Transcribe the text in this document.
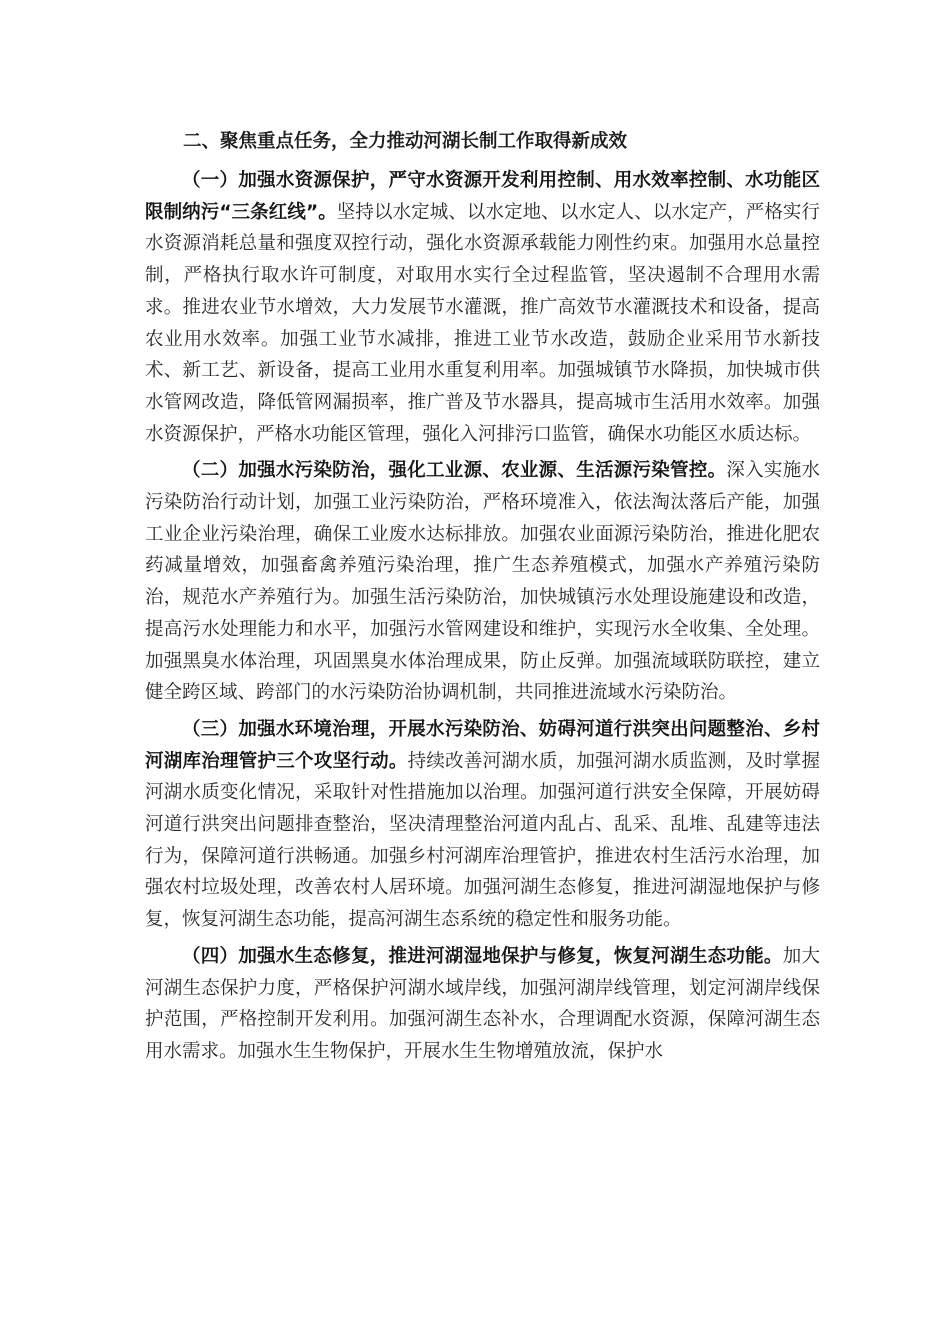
二、聚焦重点任务，全力推动河湖长制工作取得新成效

（一）加强水资源保护，严守水资源开发利用控制、用水效率控制、水功能区限制纳污“三条红线”。坚持以水定城、以水定地、以水定人、以水定产，严格实行水资源消耗总量和强度双控行动，强化水资源承载能力刚性约束。加强用水总量控制，严格执行取水许可制度，对取用水实行全过程监管，坚决遏制不合理用水需求。推进农业节水增效，大力发展节水灌溉，推广高效节水灌溉技术和设备，提高农业用水效率。加强工业节水减排，推进工业节水改造，鼓励企业采用节水新技术、新工艺、新设备，提高工业用水重复利用率。加强城镇节水降损，加快城市供水管网改造，降低管网漏损率，推广普及节水器具，提高城市生活用水效率。加强水资源保护，严格水功能区管理，强化入河排污口监管，确保水功能区水质达标。

（二）加强水污染防治，强化工业源、农业源、生活源污染管控。深入实施水污染防治行动计划，加强工业污染防治，严格环境准入，依法淘汰落后产能，加强工业企业污染治理，确保工业废水达标排放。加强农业面源污染防治，推进化肥农药减量增效，加强畜禽养殖污染治理，推广生态养殖模式，加强水产养殖污染防治，规范水产养殖行为。加强生活污染防治，加快城镇污水处理设施建设和改造，提高污水处理能力和水平，加强污水管网建设和维护，实现污水全收集、全处理。加强黑臭水体治理，巩固黑臭水体治理成果，防止反弹。加强流域联防联控，建立健全跨区域、跨部门的水污染防治协调机制，共同推进流域水污染防治。

（三）加强水环境治理，开展水污染防治、妨碍河道行洪突出问题整治、乡村河湖库治理管护三个攻坚行动。持续改善河湖水质，加强河湖水质监测，及时掌握河湖水质变化情况，采取针对性措施加以治理。加强河道行洪安全保障，开展妨碍河道行洪突出问题排查整治，坚决清理整治河道内乱占、乱采、乱堆、乱建等违法行为，保障河道行洪畅通。加强乡村河湖库治理管护，推进农村生活污水治理，加强农村垃圾处理，改善农村人居环境。加强河湖生态修复，推进河湖湿地保护与修复，恢复河湖生态功能，提高河湖生态系统的稳定性和服务功能。

（四）加强水生态修复，推进河湖湿地保护与修复，恢复河湖生态功能。加大河湖生态保护力度，严格保护河湖水域岸线，加强河湖岸线管理，划定河湖岸线保护范围，严格控制开发利用。加强河湖生态补水，合理调配水资源，保障河湖生态用水需求。加强水生生物保护，开展水生生物增殖放流，保护水
